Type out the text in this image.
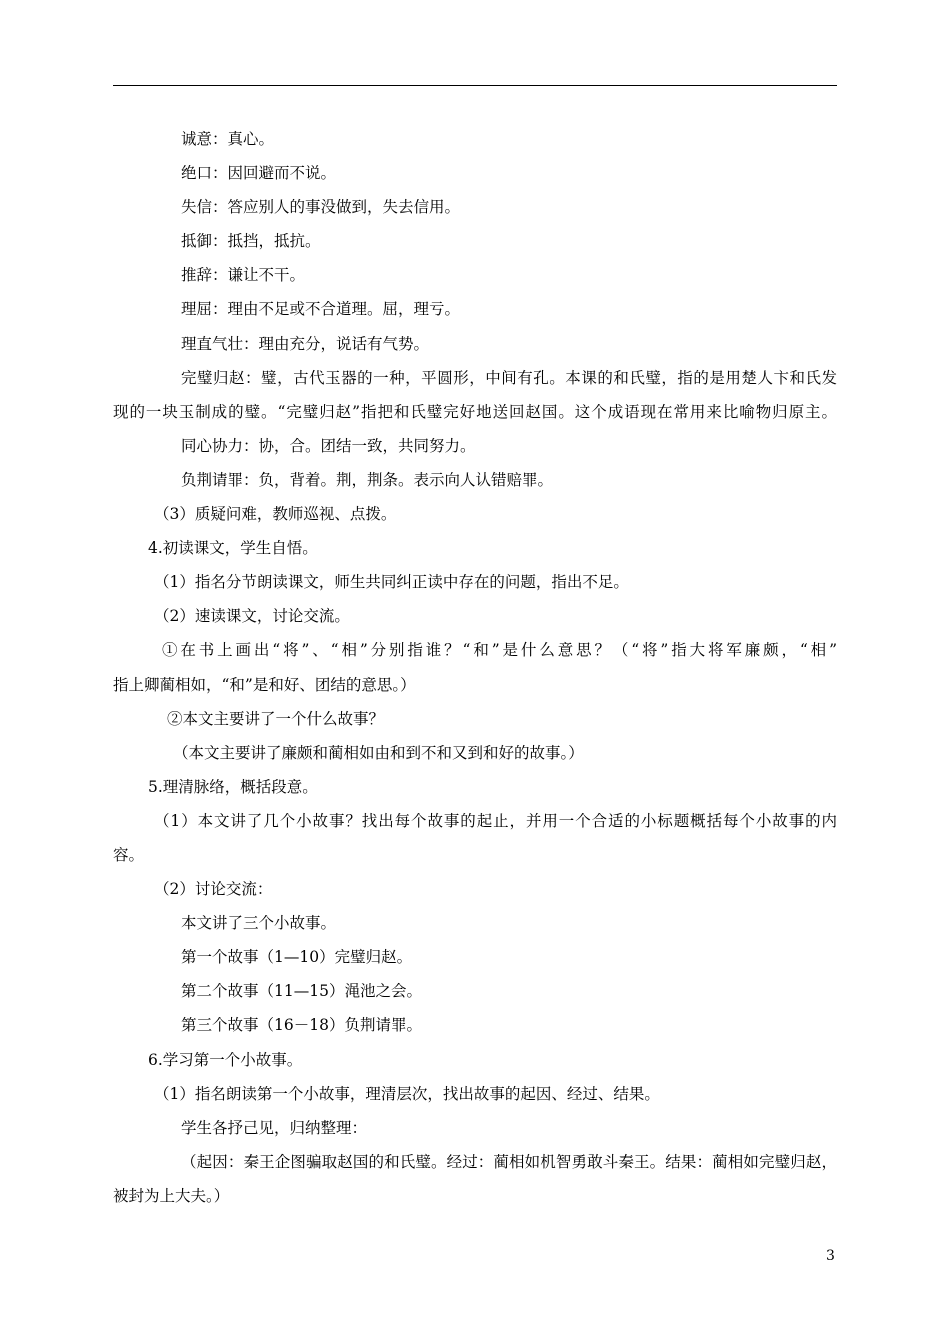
诚意：真心。
绝口：因回避而不说。
失信：答应别人的事没做到，失去信用。
抵御：抵挡，抵抗。
推辞：谦让不干。
理屈：理由不足或不合道理。屈，理亏。
理直气壮：理由充分，说话有气势。
完璧归赵：璧，古代玉器的一种，平圆形，中间有孔。本课的和氏璧，指的是用楚人卞和氏发
现的一块玉制成的璧。“完璧归赵”指把和氏璧完好地送回赵国。这个成语现在常用来比喻物归原主。
同心协力：协，合。团结一致，共同努力。
负荆请罪：负，背着。荆，荆条。表示向人认错赔罪。
（3）质疑问难，教师巡视、点拨。
4.初读课文，学生自悟。
（1）指名分节朗读课文，师生共同纠正读中存在的问题，指出不足。
（2）速读课文，讨论交流。
①在书上画出“将”、“相”分别指谁？“和”是什么意思？（“将”指大将军廉颇，“相”
指上卿蔺相如，“和”是和好、团结的意思。）
②本文主要讲了一个什么故事？
（本文主要讲了廉颇和蔺相如由和到不和又到和好的故事。）
5.理清脉络，概括段意。
（1）本文讲了几个小故事？找出每个故事的起止，并用一个合适的小标题概括每个小故事的内
容。
（2）讨论交流：
本文讲了三个小故事。
第一个故事（1—10）完璧归赵。
第二个故事（11—15）渑池之会。
第三个故事（16－18）负荆请罪。
6.学习第一个小故事。
（1）指名朗读第一个小故事，理清层次，找出故事的起因、经过、结果。
学生各抒己见，归纳整理：
（起因：秦王企图骗取赵国的和氏璧。经过：蔺相如机智勇敢斗秦王。结果：蔺相如完璧归赵，
被封为上大夫。）
3
